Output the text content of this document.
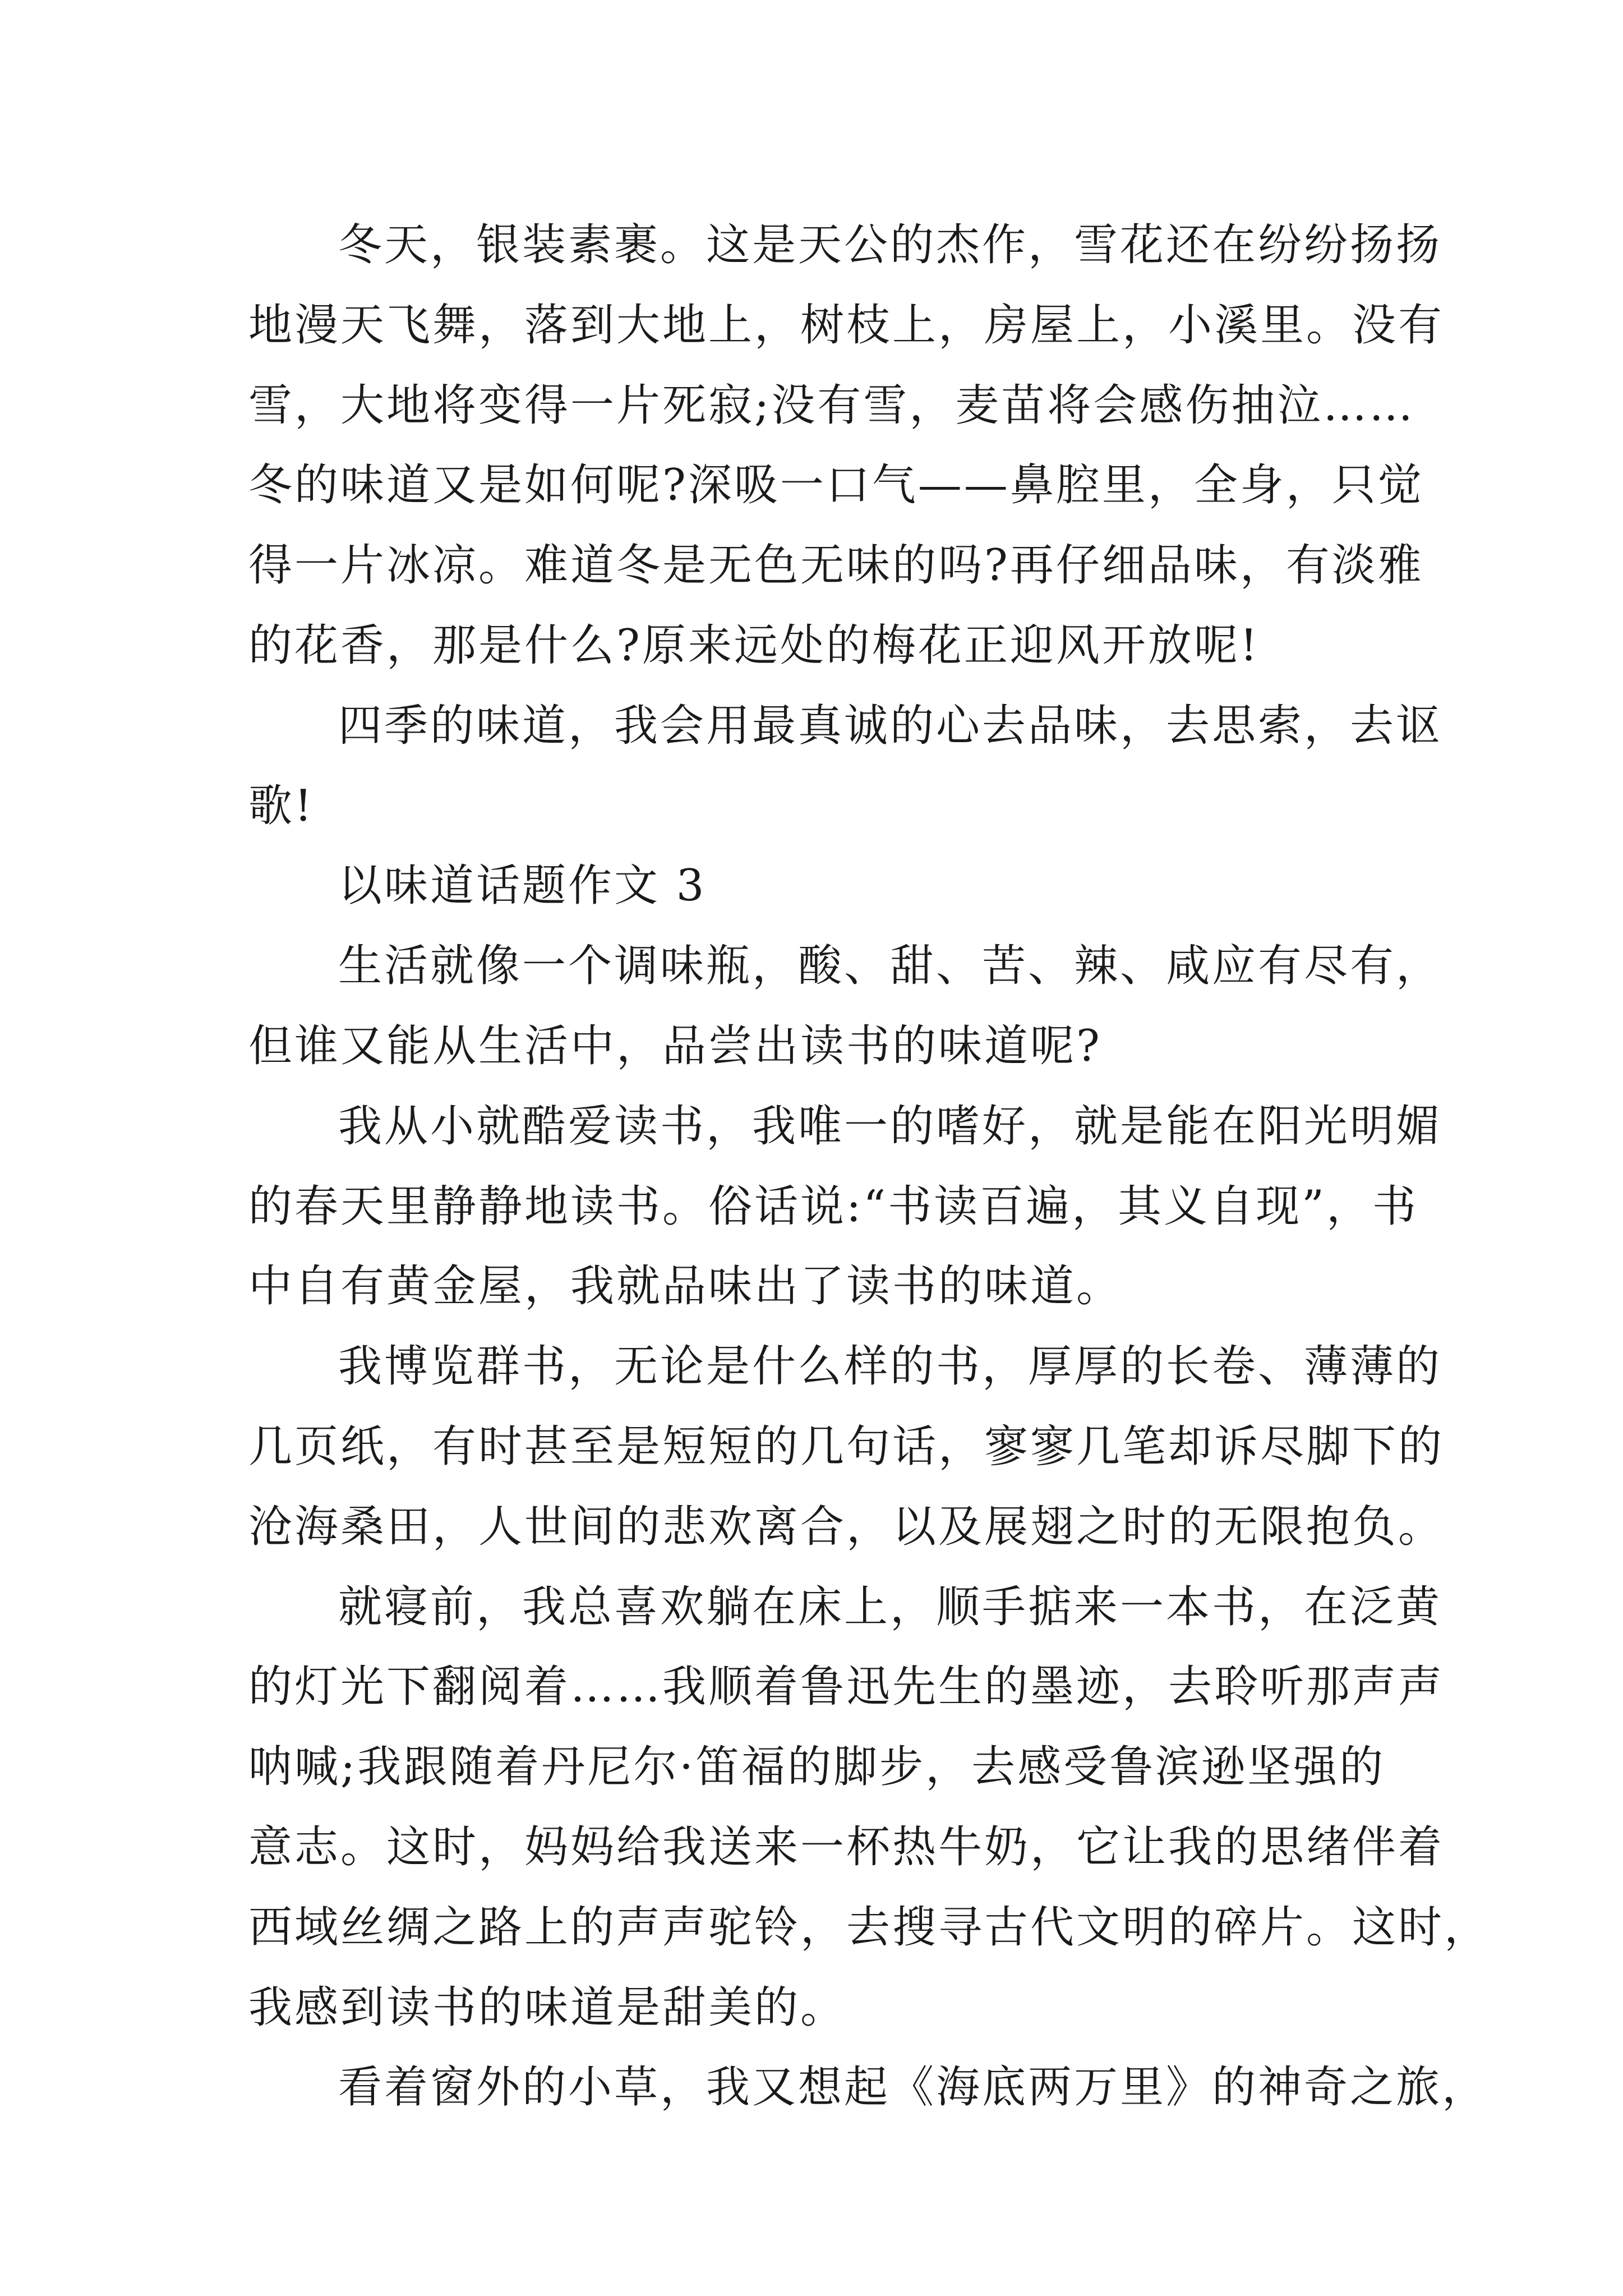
冬天，银装素裹。这是天公的杰作，雪花还在纷纷扬扬
地漫天飞舞，落到大地上，树枝上，房屋上，小溪里。没有
雪，大地将变得一片死寂;没有雪，麦苗将会感伤抽泣……
冬的味道又是如何呢?深吸一口气——鼻腔里，全身，只觉
得一片冰凉。难道冬是无色无味的吗?再仔细品味，有淡雅
的花香，那是什么?原来远处的梅花正迎风开放呢!
四季的味道，我会用最真诚的心去品味，去思索，去讴
歌!
以味道话题作文 3
生活就像一个调味瓶，酸、甜、苦、辣、咸应有尽有，
但谁又能从生活中，品尝出读书的味道呢?
我从小就酷爱读书，我唯一的嗜好，就是能在阳光明媚
的春天里静静地读书。俗话说:“书读百遍，其义自现”，书
中自有黄金屋，我就品味出了读书的味道。
我博览群书，无论是什么样的书，厚厚的长卷、薄薄的
几页纸，有时甚至是短短的几句话，寥寥几笔却诉尽脚下的
沧海桑田，人世间的悲欢离合，以及展翅之时的无限抱负。
就寝前，我总喜欢躺在床上，顺手掂来一本书，在泛黄
的灯光下翻阅着……我顺着鲁迅先生的墨迹，去聆听那声声
呐喊;我跟随着丹尼尔·笛福的脚步，去感受鲁滨逊坚强的
意志。这时，妈妈给我送来一杯热牛奶，它让我的思绪伴着
西域丝绸之路上的声声驼铃，去搜寻古代文明的碎片。这时，
我感到读书的味道是甜美的。
看着窗外的小草，我又想起《海底两万里》的神奇之旅，
